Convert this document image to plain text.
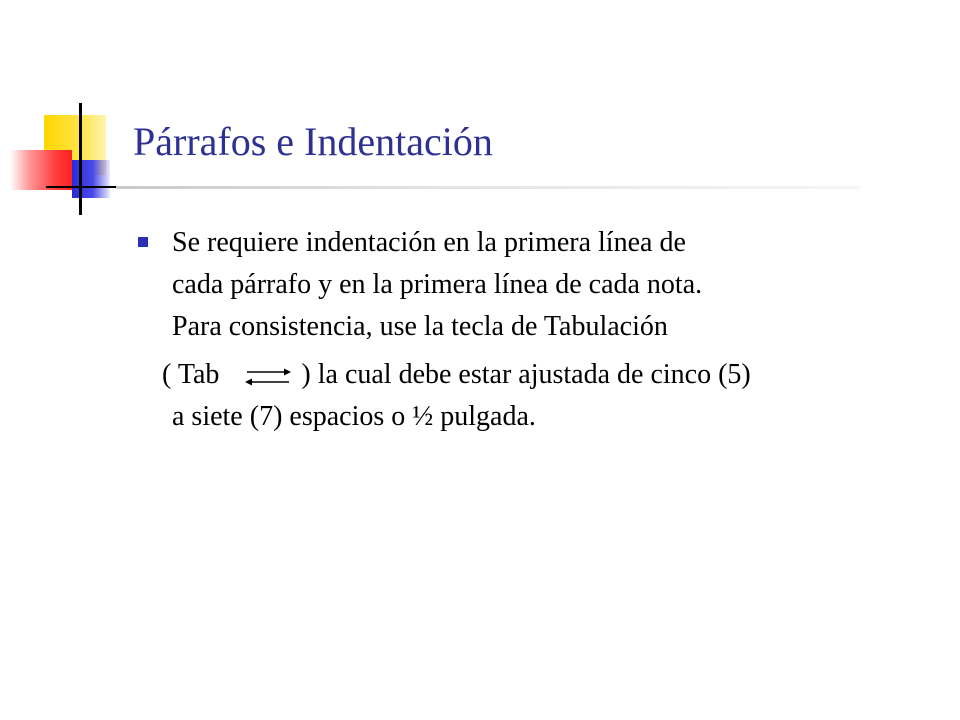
Párrafos e Indentación
Se requiere indentación en la primera línea de
cada párrafo y en la primera línea de cada nota.
Para consistencia, use la tecla de Tabulación
( Tab	) la cual debe estar ajustada de cinco (5)
a siete (7) espacios o ½ pulgada.
